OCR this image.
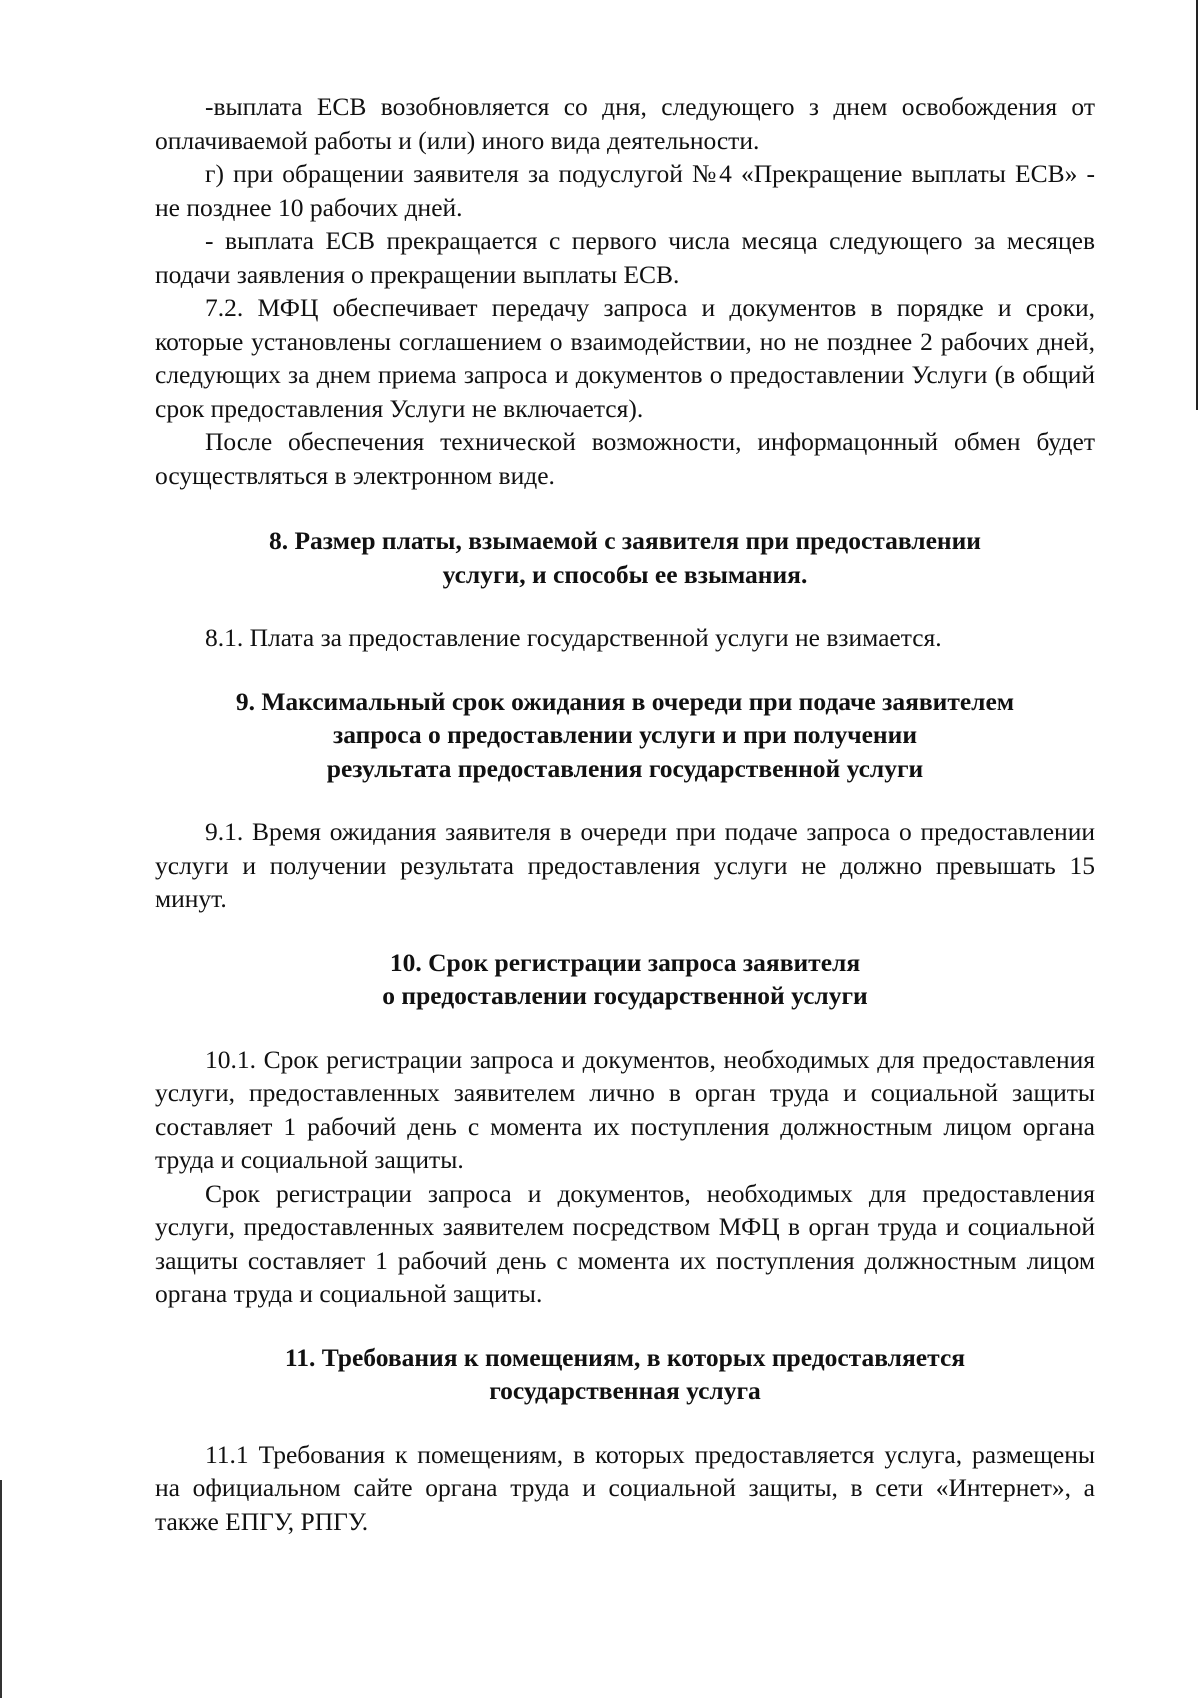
-выплата ЕСВ возобновляется со дня, следующего з днем освобождения от оплачиваемой работы и (или) иного вида деятельности.

г) при обращении заявителя за подуслугой №4 «Прекращение выплаты ЕСВ» - не позднее 10 рабочих дней.

- выплата ЕСВ прекращается с первого числа месяца следующего за месяцев подачи заявления о прекращении выплаты ЕСВ.

7.2. МФЦ обеспечивает передачу запроса и документов в порядке и сроки, которые установлены соглашением о взаимодействии, но не позднее 2 рабочих дней, следующих за днем приема запроса и документов о предоставлении Услуги (в общий срок предоставления Услуги не включается).

После обеспечения технической возможности, информацонный обмен будет осуществляться в электронном виде.

8. Размер платы, взымаемой с заявителя при предоставлении

услуги, и способы ее взымания.

8.1. Плата за предоставление государственной услуги не взимается.

9. Максимальный срок ожидания в очереди при подаче заявителем

запроса о предоставлении услуги и при получении

результата предоставления государственной услуги

9.1. Время ожидания заявителя в очереди при подаче запроса о предоставлении услуги и получении результата предоставления услуги не должно превышать 15 минут.

10. Срок регистрации запроса заявителя

о предоставлении государственной услуги

10.1. Срок регистрации запроса и документов, необходимых для предоставления услуги, предоставленных заявителем лично в орган труда и социальной защиты составляет 1 рабочий день с момента их поступления должностным лицом органа труда и социальной защиты.

Срок регистрации запроса и документов, необходимых для предоставления услуги, предоставленных заявителем посредством МФЦ в орган труда и социальной защиты составляет 1 рабочий день с момента их поступления должностным лицом органа труда и социальной защиты.

11. Требования к помещениям, в которых предоставляется

государственная услуга

11.1 Требования к помещениям, в которых предоставляется услуга, размещены на официальном сайте органа труда и социальной защиты, в сети «Интернет», а также ЕПГУ, РПГУ.
